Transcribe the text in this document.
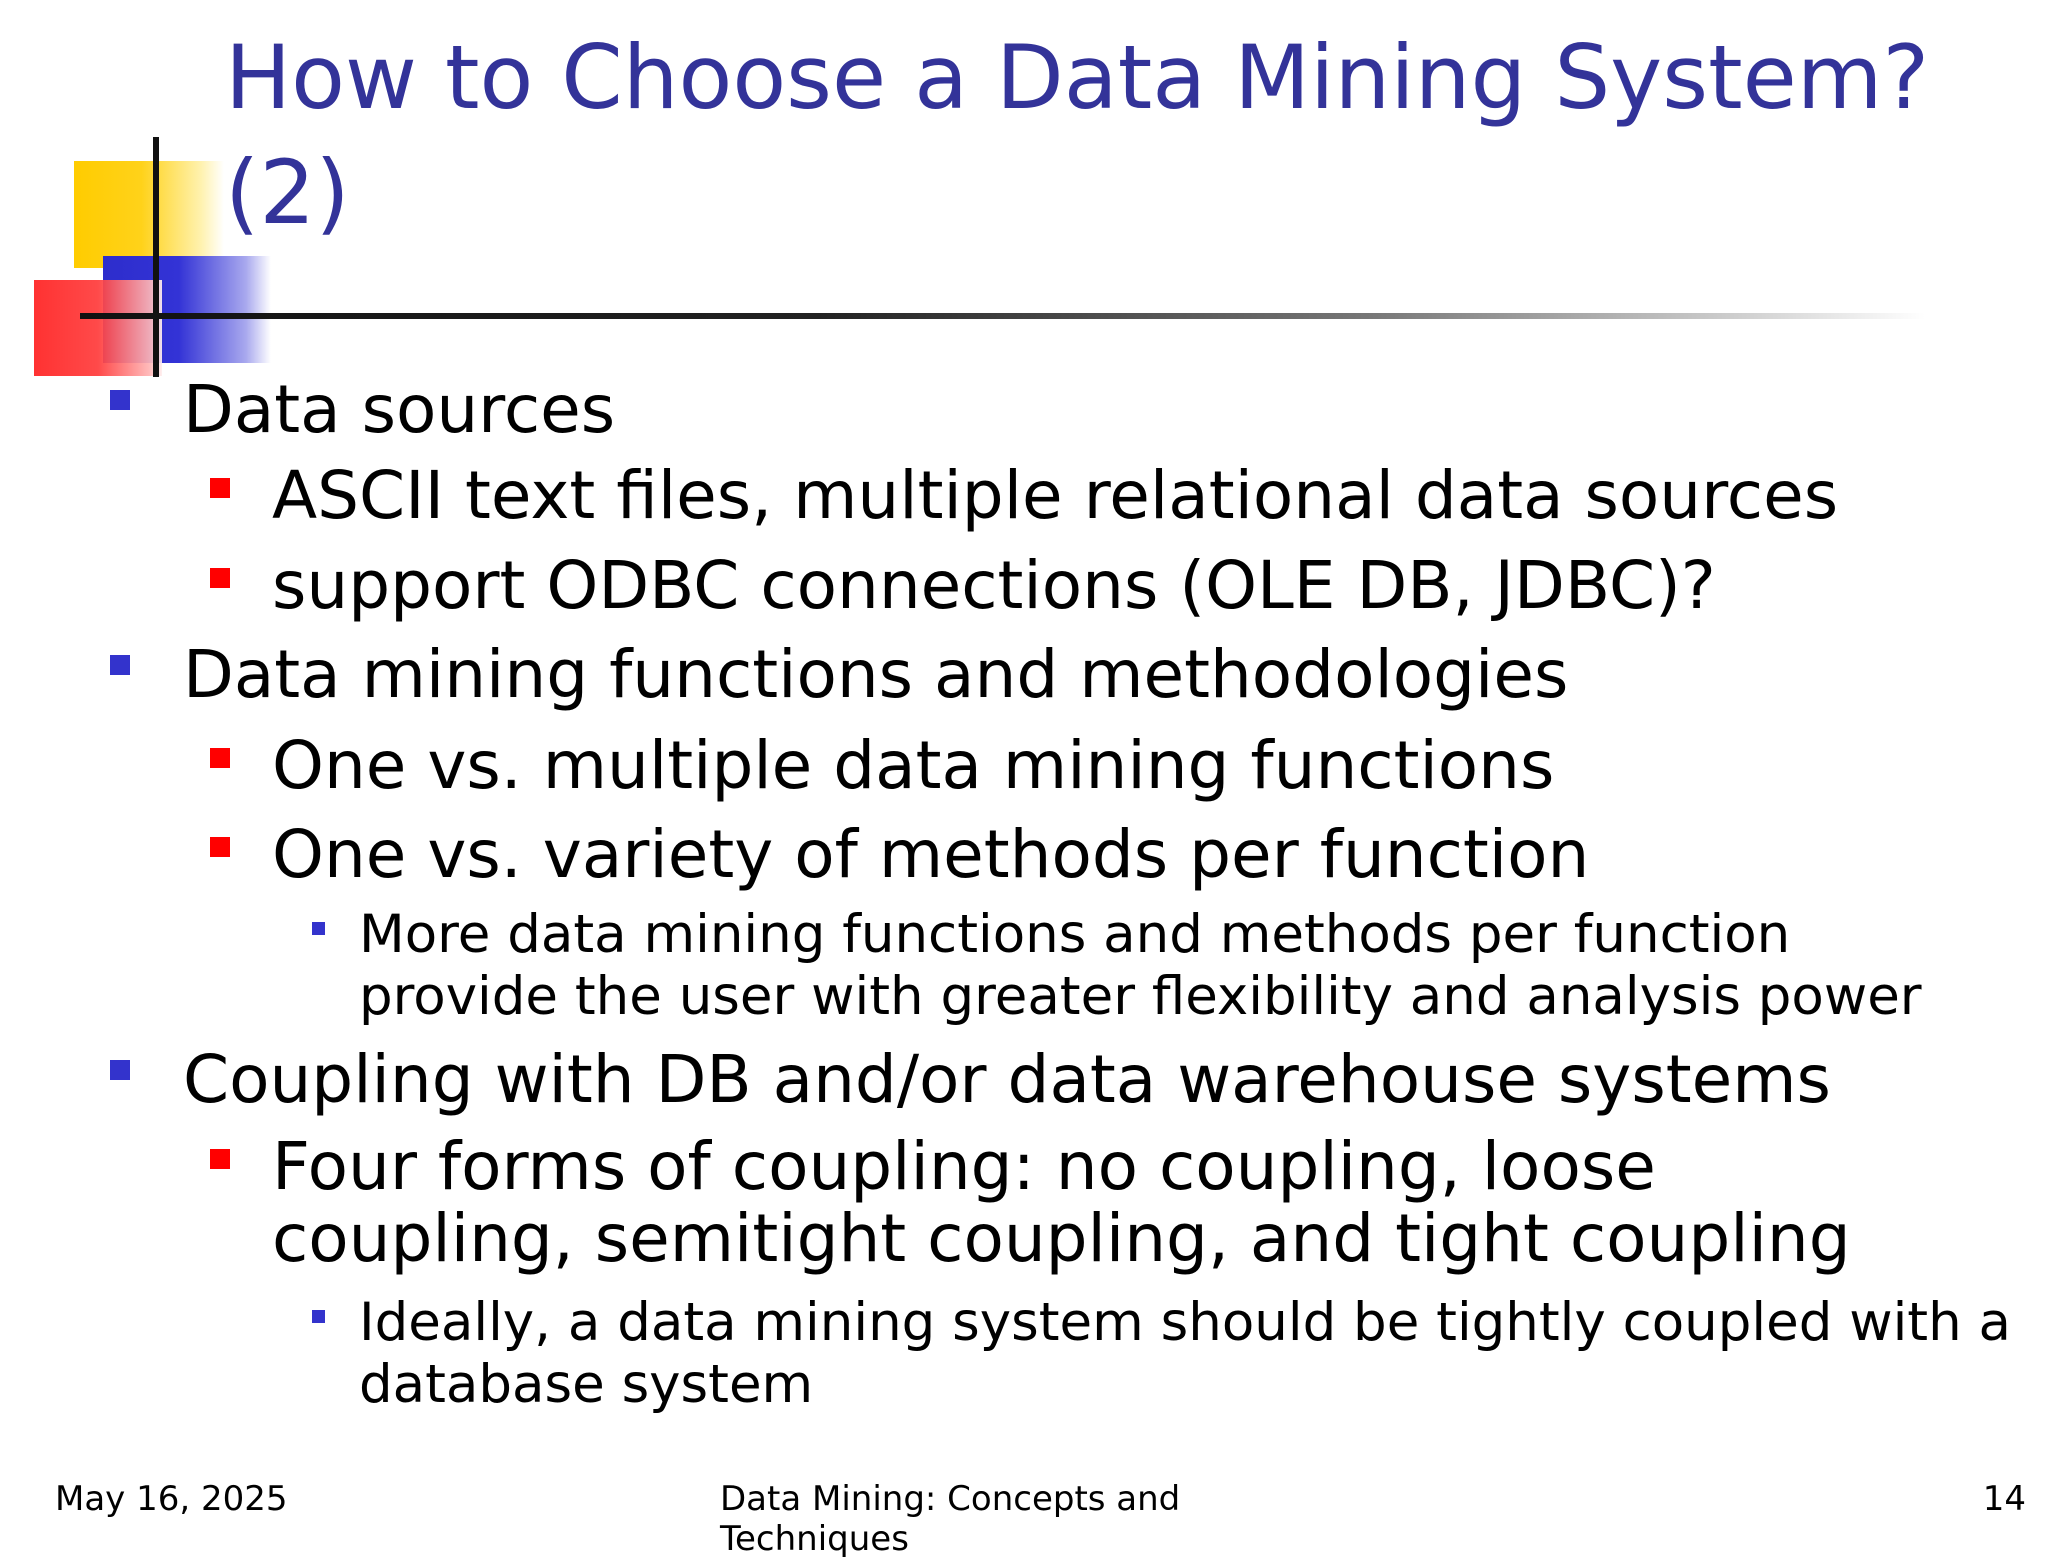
How to Choose a Data Mining System? (2)
Data sources
ASCII text files, multiple relational data sources
support ODBC connections (OLE DB, JDBC)?
Data mining functions and methodologies
One vs. multiple data mining functions
One vs. variety of methods per function
More data mining functions and methods per function provide the user with greater flexibility and analysis power
Coupling with DB and/or data warehouse systems
Four forms of coupling: no coupling, loose coupling, semitight coupling, and tight coupling
Ideally, a data mining system should be tightly coupled with a database system
May 16, 2025	Data Mining: Concepts and Techniques
14
